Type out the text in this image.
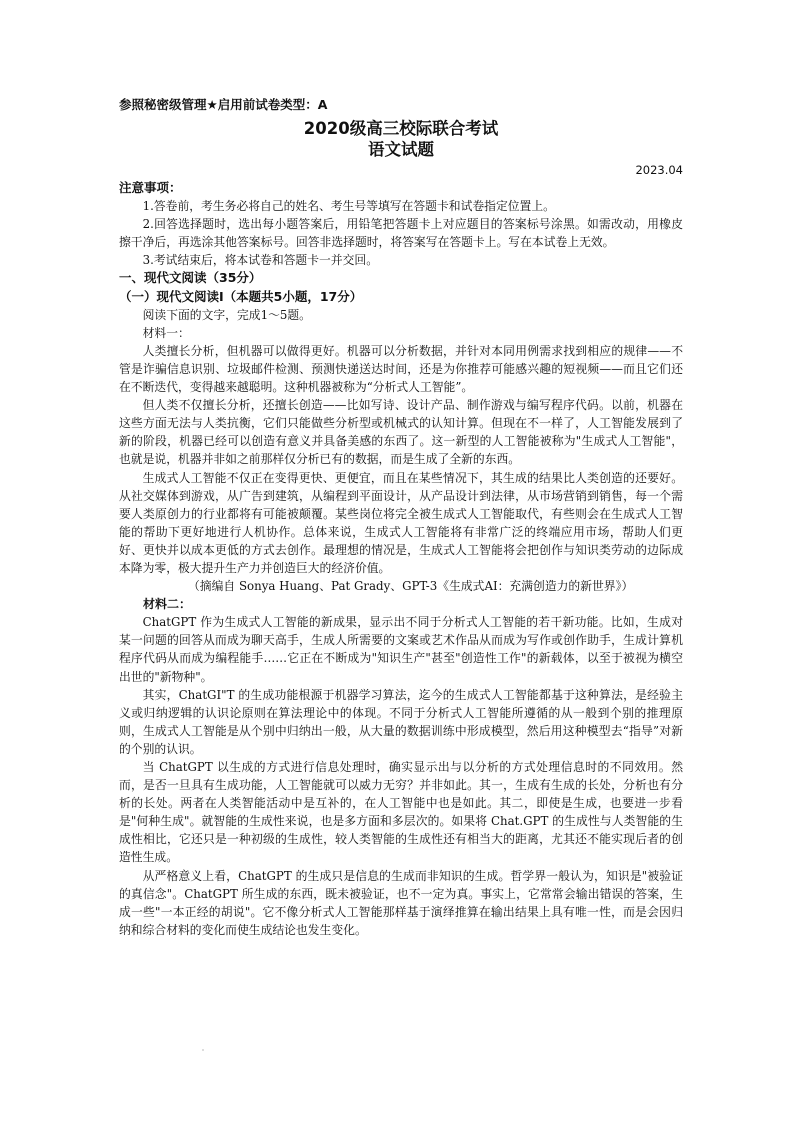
参照秘密级管理★启用前试卷类型：A

2020级高三校际联合考试

语文试题

2023.04

注意事项：

1.答卷前，考生务必将自己的姓名、考生号等填写在答题卡和试卷指定位置上。

2.回答选择题时，选出每小题答案后，用铅笔把答题卡上对应题目的答案标号涂黑。如需改动，用橡皮擦干净后，再选涂其他答案标号。回答非选择题时，将答案写在答题卡上。写在本试卷上无效。

3.考试结束后，将本试卷和答题卡一并交回。

一、现代文阅读（35分）

（一）现代文阅读Ⅰ（本题共5小题，17分）

阅读下面的文字，完成1～5题。

材料一：

人类擅长分析，但机器可以做得更好。机器可以分析数据，并针对本同用例需求找到相应的规律——不管是诈骗信息识别、垃圾邮件检测、预测快递送达时间，还是为你推荐可能感兴趣的短视频——而且它们还在不断迭代，变得越来越聪明。这种机器被称为“分析式人工智能”。

但人类不仅擅长分析，还擅长创造——比如写诗、设计产品、制作游戏与编写程序代码。以前，机器在这些方面无法与人类抗衡，它们只能做些分析型或机械式的认知计算。但现在不一样了，人工智能发展到了新的阶段，机器已经可以创造有意义并具备美感的东西了。这一新型的人工智能被称为"生成式人工智能"，也就是说，机器并非如之前那样仅分析已有的数据，而是生成了全新的东西。

生成式人工智能不仅正在变得更快、更便宜，而且在某些情况下，其生成的结果比人类创造的还要好。从社交媒体到游戏，从广告到建筑，从编程到平面设计，从产品设计到法律，从市场营销到销售，每一个需要人类原创力的行业都将有可能被颠覆。某些岗位将完全被生成式人工智能取代，有些则会在生成式人工智能的帮助下更好地进行人机协作。总体来说，生成式人工智能将有非常广泛的终端应用市场，帮助人们更好、更快并以成本更低的方式去创作。最理想的情况是，生成式人工智能将会把创作与知识类劳动的边际成本降为零，极大提升生产力并创造巨大的经济价值。

（摘编自 Sonya Huang、Pat Grady、GPT-3《生成式AI：充满创造力的新世界》）

材料二：

ChatGPT 作为生成式人工智能的新成果，显示出不同于分析式人工智能的若干新功能。比如，生成对某一问题的回答从而成为聊天高手，生成人所需要的文案或艺术作品从而成为写作或创作助手，生成计算机程序代码从而成为编程能手……它正在不断成为"知识生产"甚至"创造性工作"的新载体，以至于被视为横空出世的"新物种"。

其实，ChatGI"T 的生成功能根源于机器学习算法，迄今的生成式人工智能都基于这种算法，是经验主义或归纳逻辑的认识论原则在算法理论中的体现。不同于分析式人工智能所遵循的从一般到个别的推理原则，生成式人工智能是从个别中归纳出一般，从大量的数据训练中形成模型，然后用这种模型去“指导”对新的个别的认识。

当 ChatGPT 以生成的方式进行信息处理时，确实显示出与以分析的方式处理信息时的不同效用。然而，是否一旦具有生成功能，人工智能就可以威力无穷？并非如此。其一，生成有生成的长处，分析也有分析的长处。两者在人类智能活动中是互补的，在人工智能中也是如此。其二，即使是生成，也要进一步看是"何种生成"。就智能的生成性来说，也是多方面和多层次的。如果将 Chat.GPT 的生成性与人类智能的生成性相比，它还只是一种初级的生成性，较人类智能的生成性还有相当大的距离，尤其还不能实现后者的创造性生成。

从严格意义上看，ChatGPT 的生成只是信息的生成而非知识的生成。哲学界一般认为，知识是"被验证的真信念"。ChatGPT 所生成的东西，既未被验证，也不一定为真。事实上，它常常会输出错误的答案，生成一些"一本正经的胡说"。它不像分析式人工智能那样基于演绎推算在输出结果上具有唯一性，而是会因归纳和综合材料的变化而使生成结论也发生变化。
